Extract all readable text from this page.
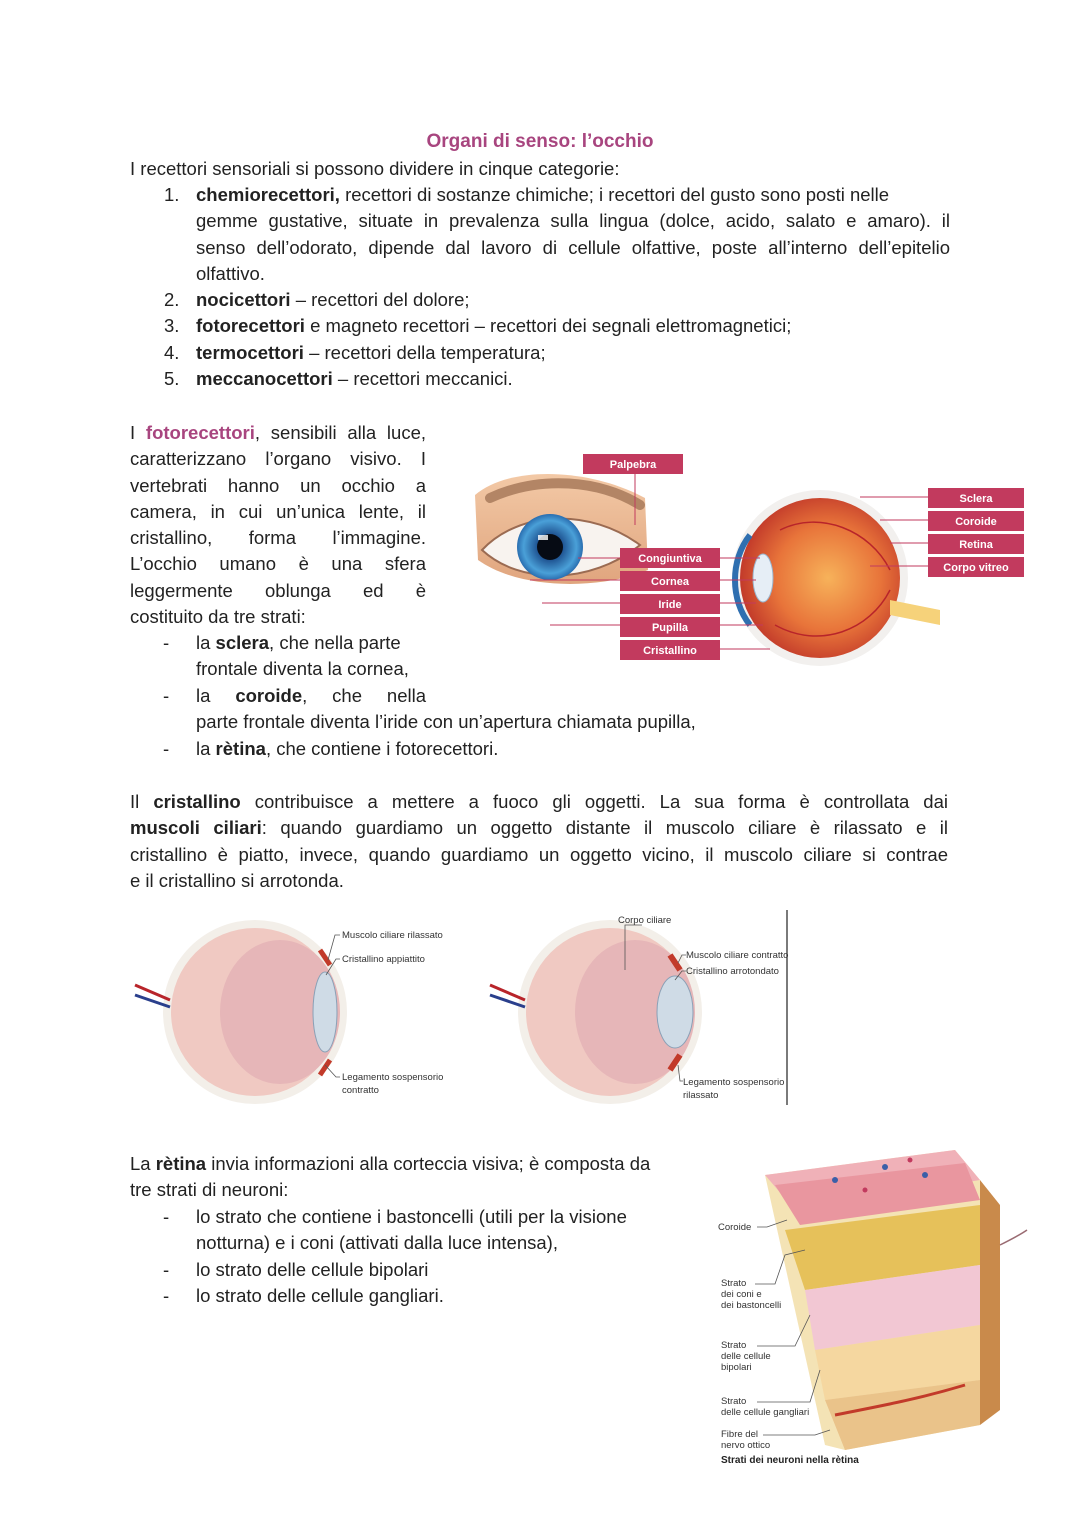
Organi di senso: l’occhio

I recettori sensoriali si possono dividere in cinque categorie:

1. chemiorecettori, recettori di sostanze chimiche; i recettori del gusto sono posti nelle

gemme gustative, situate in prevalenza sulla lingua (dolce, acido, salato e amaro). il
senso dell’odorato, dipende dal lavoro di cellule olfattive, poste all’interno dell’epitelio
olfattivo.
2. nocicettori – recettori del dolore;
3. fotorecettori e magneto recettori – recettori dei segnali elettromagnetici;
4. termocettori – recettori della temperatura;
5. meccanocettori – recettori meccanici.
I fotorecettori, sensibili alla luce,
caratterizzano l’organo visivo. I
vertebrati hanno un occhio a
camera, in cui un’unica lente, il
cristallino, forma l’immagine.
L’occhio umano è una sfera
leggermente oblunga ed è
costituito da tre strati:
- la sclera, che nella parte
frontale diventa la cornea,
- la coroide, che nella
parte frontale diventa l’iride con un’apertura chiamata pupilla,
- la rètina, che contiene i fotorecettori.
Palpebra
Congiuntiva
Cornea
Iride
Pupilla
Cristallino
Sclera
Coroide
Retina
Corpo vitreo
Il cristallino contribuisce a mettere a fuoco gli oggetti. La sua forma è controllata dai
muscoli ciliari: quando guardiamo un oggetto distante il muscolo ciliare è rilassato e il
cristallino è piatto, invece, quando guardiamo un oggetto vicino, il muscolo ciliare si contrae
e il cristallino si arrotonda.
Muscolo ciliare rilassato
Cristallino appiattito
Legamento sospensorio
contratto
Corpo ciliare
Muscolo ciliare contratto
Cristallino arrotondato
Legamento sospensorio
rilassato
La rètina invia informazioni alla corteccia visiva; è composta da
tre strati di neuroni:
- lo strato che contiene i bastoncelli (utili per la visione
notturna) e i coni (attivati dalla luce intensa),
- lo strato delle cellule bipolari
- lo strato delle cellule gangliari.
Coroide
Strato
dei coni e
dei bastoncelli
Strato
delle cellule
bipolari
Strato
delle cellule gangliari
Fibre del
nervo ottico
Strati dei neuroni nella rètina
